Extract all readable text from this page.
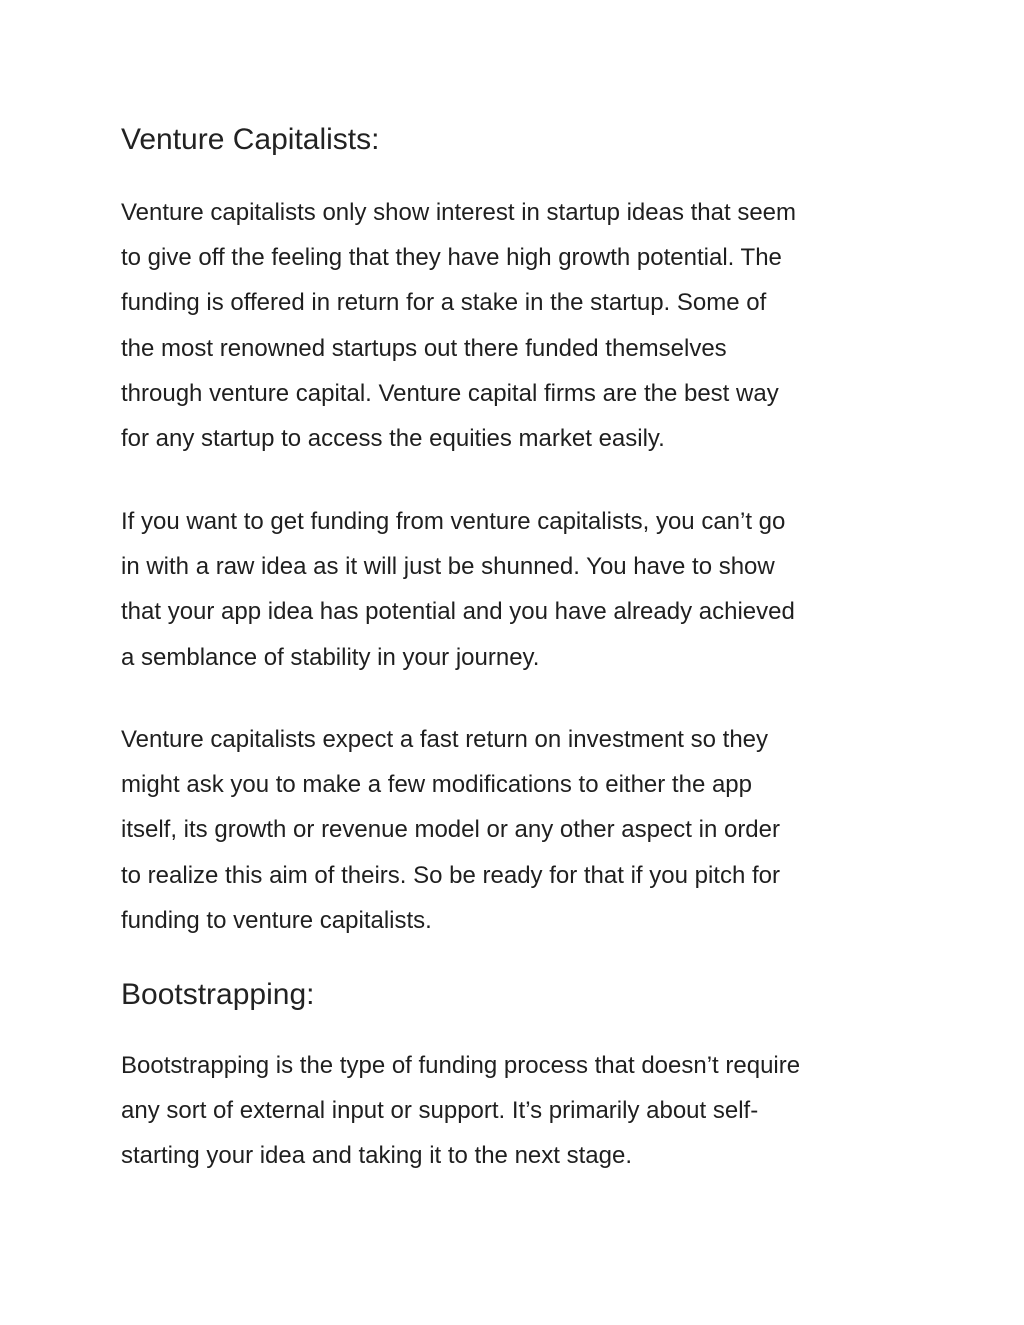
Venture Capitalists:

Venture capitalists only show interest in startup ideas that seem
to give off the feeling that they have high growth potential. The
funding is offered in return for a stake in the startup. Some of
the most renowned startups out there funded themselves
through venture capital. Venture capital firms are the best way
for any startup to access the equities market easily.

If you want to get funding from venture capitalists, you can’t go
in with a raw idea as it will just be shunned. You have to show
that your app idea has potential and you have already achieved
a semblance of stability in your journey.

Venture capitalists expect a fast return on investment so they
might ask you to make a few modifications to either the app
itself, its growth or revenue model or any other aspect in order
to realize this aim of theirs. So be ready for that if you pitch for
funding to venture capitalists.

Bootstrapping:

Bootstrapping is the type of funding process that doesn’t require
any sort of external input or support. It’s primarily about self-
starting your idea and taking it to the next stage.
